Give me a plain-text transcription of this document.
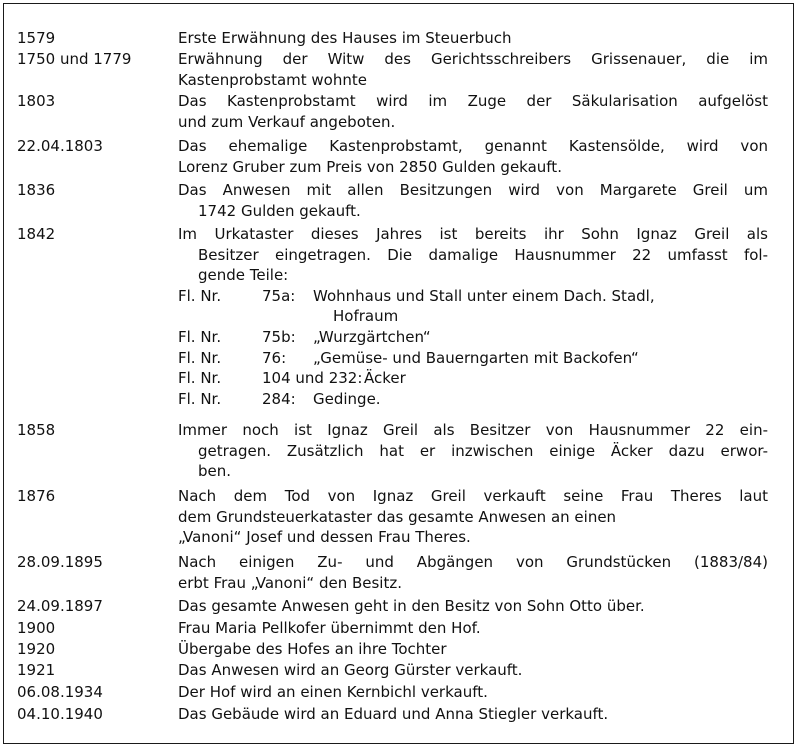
1579	Erste Erwähnung des Hauses im Steuerbuch
1750 und 1779	Erwähnung der Witw des Gerichtsschreibers Grissenauer, die im
Kastenprobstamt wohnte
1803	Das Kastenprobstamt wird im Zuge der Säkularisation aufgelöst
und zum Verkauf angeboten.
22.04.1803	Das ehemalige Kastenprobstamt, genannt Kastensölde, wird von
Lorenz Gruber zum Preis von 2850 Gulden gekauft.
1836	Das Anwesen mit allen Besitzungen wird von Margarete Greil um
1742 Gulden gekauft.
1842	Im Urkataster dieses Jahres ist bereits ihr Sohn Ignaz Greil als
Besitzer eingetragen. Die damalige Hausnummer 22 umfasst fol-
gende Teile:
Fl. Nr.	75a: Wohnhaus und Stall unter einem Dach. Stadl,
Hofraum
Fl. Nr.	75b: „Wurzgärtchen“
Fl. Nr.	76: „Gemüse- und Bauerngarten mit Backofen“
Fl. Nr.	104 und 232: Äcker
Fl. Nr.	284: Gedinge.
1858	Immer noch ist Ignaz Greil als Besitzer von Hausnummer 22 ein-
getragen. Zusätzlich hat er inzwischen einige Äcker dazu erwor-
ben.
1876	Nach dem Tod von Ignaz Greil verkauft seine Frau Theres laut
dem Grundsteuerkataster das gesamte Anwesen an einen
„Vanoni“ Josef und dessen Frau Theres.
28.09.1895	Nach einigen Zu- und Abgängen von Grundstücken (1883/84)
erbt Frau „Vanoni“ den Besitz.
24.09.1897	Das gesamte Anwesen geht in den Besitz von Sohn Otto über.
1900	Frau Maria Pellkofer übernimmt den Hof.
1920	Übergabe des Hofes an ihre Tochter
1921	Das Anwesen wird an Georg Gürster verkauft.
06.08.1934	Der Hof wird an einen Kernbichl verkauft.
04.10.1940	Das Gebäude wird an Eduard und Anna Stiegler verkauft.
